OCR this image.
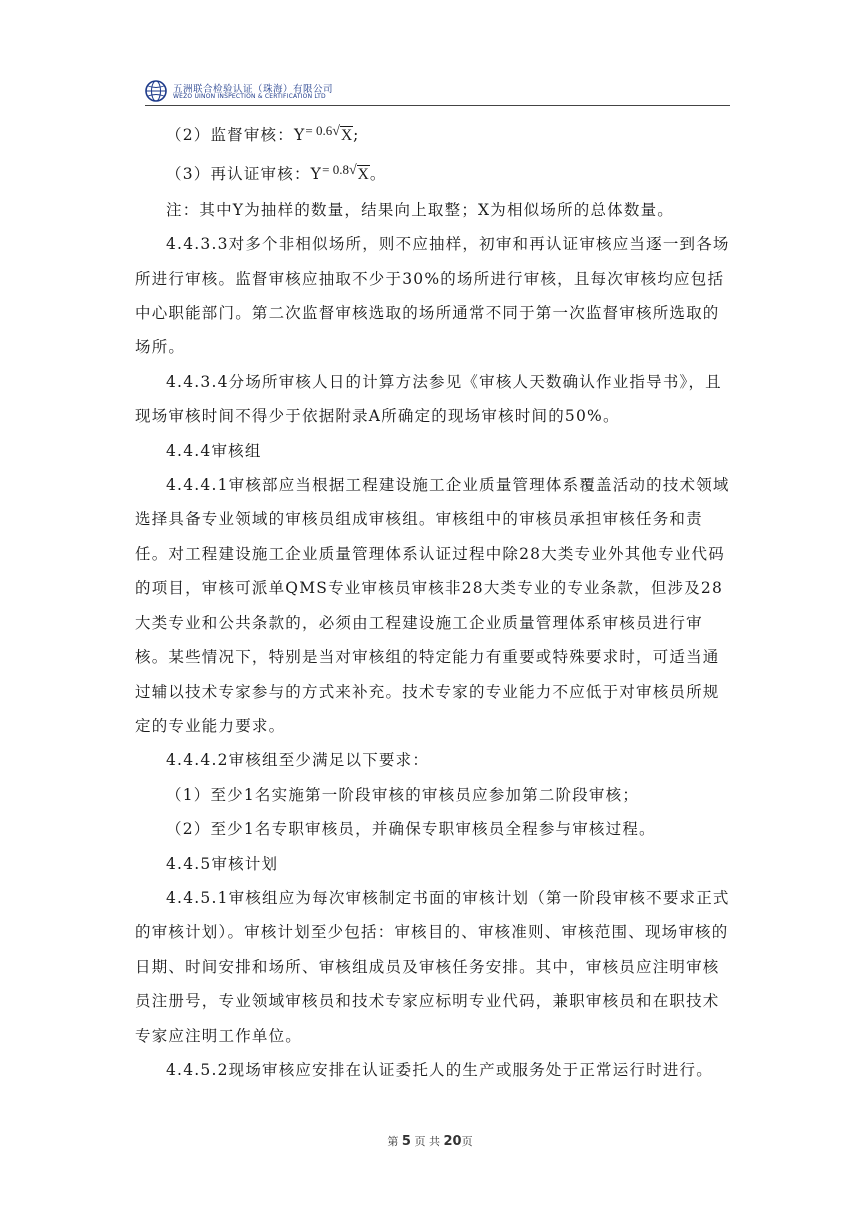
五洲联合检验认证（珠海）有限公司
WEZO UINON INSPECTION & CERTIFICATION LTD

（2）监督审核：$Y^{= 0.6}√X$;

（3）再认证审核：$Y^{= 0.8}√X$。

注：其中Y为抽样的数量，结果向上取整；X为相似场所的总体数量。

4.4.3.3对多个非相似场所，则不应抽样，初审和再认证审核应当逐一到各场所进行审核。监督审核应抽取不少于30%的场所进行审核，且每次审核均应包括中心职能部门。第二次监督审核选取的场所通常不同于第一次监督审核所选取的场所。

4.4.3.4分场所审核人日的计算方法参见《审核人天数确认作业指导书》，且现场审核时间不得少于依据附录A所确定的现场审核时间的50%。

4.4.4审核组

4.4.4.1审核部应当根据工程建设施工企业质量管理体系覆盖活动的技术领域选择具备专业领域的审核员组成审核组。审核组中的审核员承担审核任务和责任。对工程建设施工企业质量管理体系认证过程中除28大类专业外其他专业代码的项目，审核可派单QMS专业审核员审核非28大类专业的专业条款，但涉及28大类专业和公共条款的，必须由工程建设施工企业质量管理体系审核员进行审核。某些情况下，特别是当对审核组的特定能力有重要或特殊要求时，可适当通过辅以技术专家参与的方式来补充。技术专家的专业能力不应低于对审核员所规定的专业能力要求。

4.4.4.2审核组至少满足以下要求：

（1）至少1名实施第一阶段审核的审核员应参加第二阶段审核；

（2）至少1名专职审核员，并确保专职审核员全程参与审核过程。

4.4.5审核计划

4.4.5.1审核组应为每次审核制定书面的审核计划（第一阶段审核不要求正式的审核计划）。审核计划至少包括：审核目的、审核准则、审核范围、现场审核的日期、时间安排和场所、审核组成员及审核任务安排。其中，审核员应注明审核员注册号，专业领域审核员和技术专家应标明专业代码，兼职审核员和在职技术专家应注明工作单位。

4.4.5.2现场审核应安排在认证委托人的生产或服务处于正常运行时进行。

第 5 页 共 20页
